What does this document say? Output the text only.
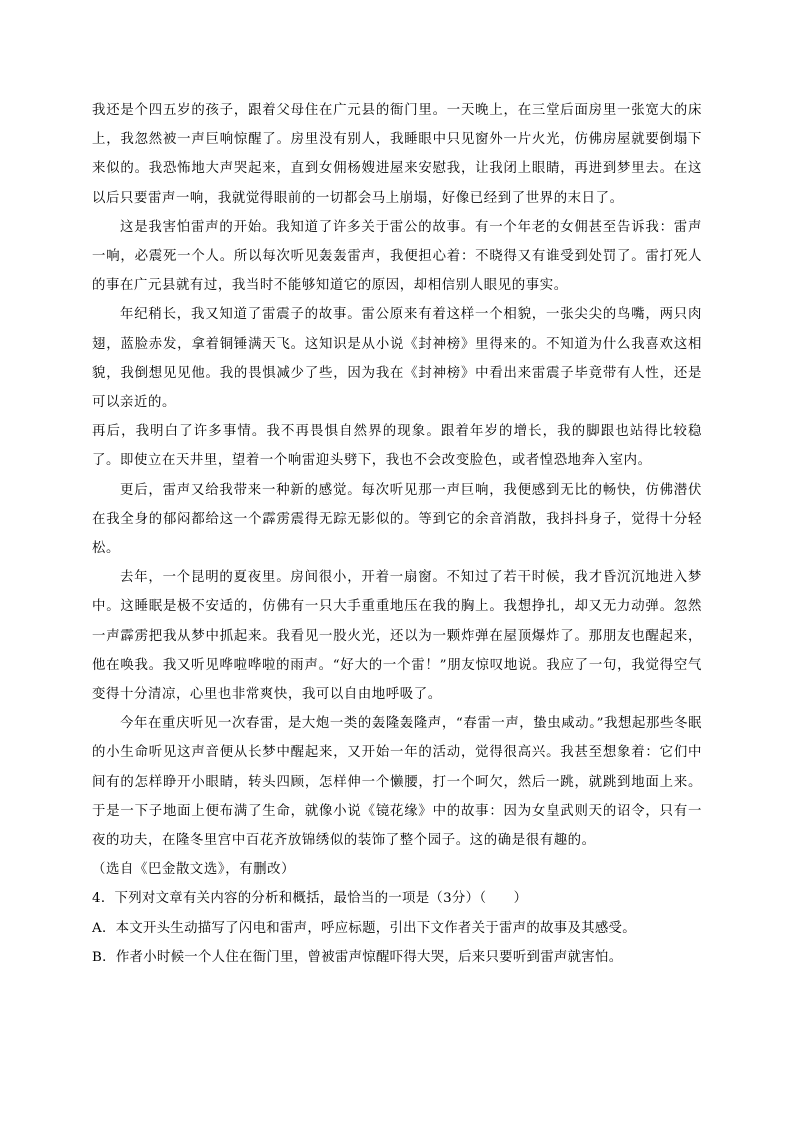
我还是个四五岁的孩子，跟着父母住在广元县的衙门里。一天晚上，在三堂后面房里一张宽大的床上，我忽然被一声巨响惊醒了。房里没有别人，我睡眼中只见窗外一片火光，仿佛房屋就要倒塌下来似的。我恐怖地大声哭起来，直到女佣杨嫂进屋来安慰我，让我闭上眼睛，再进到梦里去。在这以后只要雷声一响，我就觉得眼前的一切都会马上崩塌，好像已经到了世界的末日了。

这是我害怕雷声的开始。我知道了许多关于雷公的故事。有一个年老的女佣甚至告诉我：雷声一响，必震死一个人。所以每次听见轰轰雷声，我便担心着：不晓得又有谁受到处罚了。雷打死人的事在广元县就有过，我当时不能够知道它的原因，却相信别人眼见的事实。

年纪稍长，我又知道了雷震子的故事。雷公原来有着这样一个相貌，一张尖尖的鸟嘴，两只肉翅，蓝脸赤发，拿着铜锤满天飞。这知识是从小说《封神榜》里得来的。不知道为什么我喜欢这相貌，我倒想见见他。我的畏惧减少了些，因为我在《封神榜》中看出来雷震子毕竟带有人性，还是可以亲近的。

再后，我明白了许多事情。我不再畏惧自然界的现象。跟着年岁的增长，我的脚跟也站得比较稳了。即使立在天井里，望着一个响雷迎头劈下，我也不会改变脸色，或者惶恐地奔入室内。

更后，雷声又给我带来一种新的感觉。每次听见那一声巨响，我便感到无比的畅快，仿佛潜伏在我全身的郁闷都给这一个霹雳震得无踪无影似的。等到它的余音消散，我抖抖身子，觉得十分轻松。

去年，一个昆明的夏夜里。房间很小，开着一扇窗。不知过了若干时候，我才昏沉沉地进入梦中。这睡眠是极不安适的，仿佛有一只大手重重地压在我的胸上。我想挣扎，却又无力动弹。忽然一声霹雳把我从梦中抓起来。我看见一股火光，还以为一颗炸弹在屋顶爆炸了。那朋友也醒起来，他在唤我。我又听见哗啦哗啦的雨声。“好大的一个雷！”朋友惊叹地说。我应了一句，我觉得空气变得十分清凉，心里也非常爽快，我可以自由地呼吸了。

今年在重庆听见一次春雷，是大炮一类的轰隆轰隆声，“春雷一声，蛰虫咸动。”我想起那些冬眠的小生命听见这声音便从长梦中醒起来，又开始一年的活动，觉得很高兴。我甚至想象着：它们中间有的怎样睁开小眼睛，转头四顾，怎样伸一个懒腰，打一个呵欠，然后一跳，就跳到地面上来。于是一下子地面上便布满了生命，就像小说《镜花缘》中的故事：因为女皇武则天的诏令，只有一夜的功夫，在隆冬里宫中百花齐放锦绣似的装饰了整个园子。这的确是很有趣的。

（选自《巴金散文选》，有删改）

4．下列对文章有关内容的分析和概括，最恰当的一项是（3分）（　　）

A．本文开头生动描写了闪电和雷声，呼应标题，引出下文作者关于雷声的故事及其感受。

B．作者小时候一个人住在衙门里，曾被雷声惊醒吓得大哭，后来只要听到雷声就害怕。
